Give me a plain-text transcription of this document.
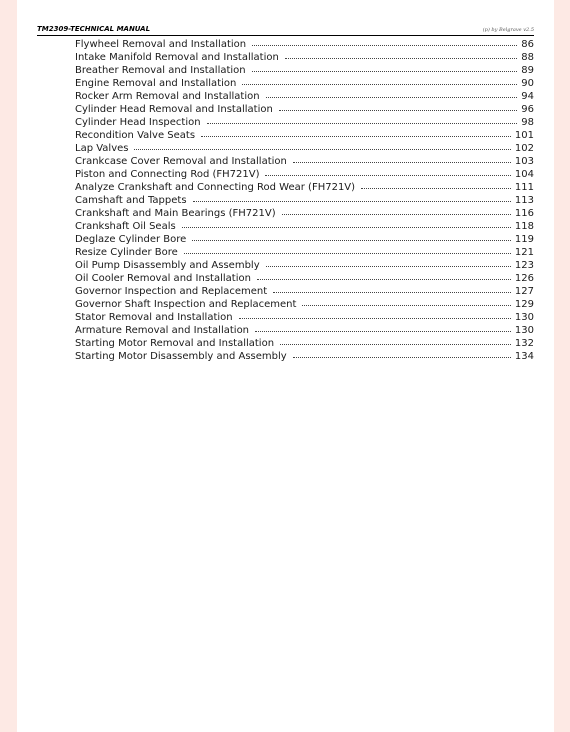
TM2309-TECHNICAL MANUAL	(p) by Belgrave v2.5
Flywheel Removal and Installation	86
Intake Manifold Removal and Installation	88
Breather Removal and Installation	89
Engine Removal and Installation	90
Rocker Arm Removal and Installation	94
Cylinder Head Removal and Installation	96
Cylinder Head Inspection	98
Recondition Valve Seats	101
Lap Valves	102
Crankcase Cover Removal and Installation	103
Piston and Connecting Rod (FH721V)	104
Analyze Crankshaft and Connecting Rod Wear (FH721V)	111
Camshaft and Tappets	113
Crankshaft and Main Bearings (FH721V)	116
Crankshaft Oil Seals	118
Deglaze Cylinder Bore	119
Resize Cylinder Bore	121
Oil Pump Disassembly and Assembly	123
Oil Cooler Removal and Installation	126
Governor Inspection and Replacement	127
Governor Shaft Inspection and Replacement	129
Stator Removal and Installation	130
Armature Removal and Installation	130
Starting Motor Removal and Installation	132
Starting Motor Disassembly and Assembly	134
